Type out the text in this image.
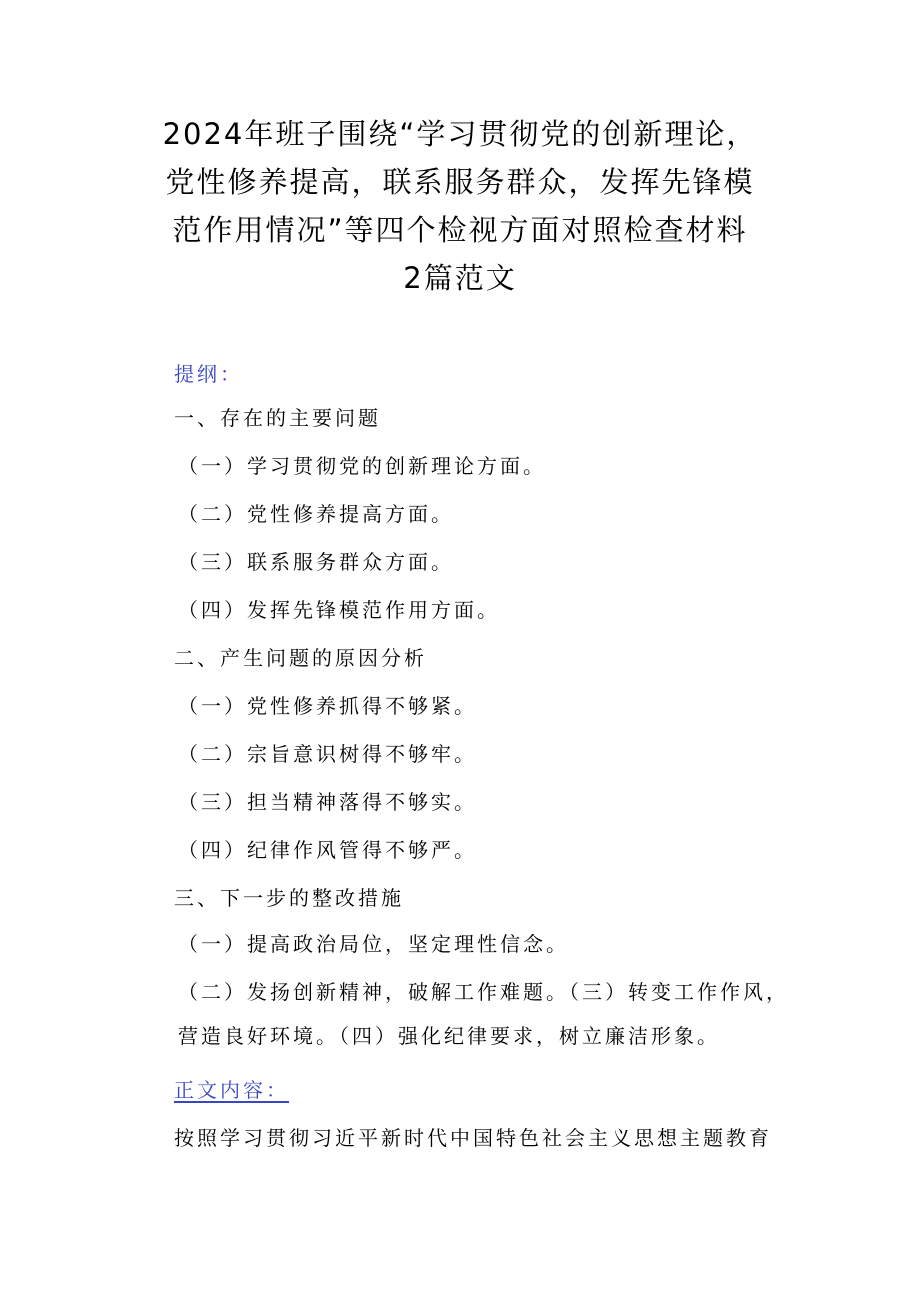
2024年班子围绕“学习贯彻党的创新理论，
党性修养提高，联系服务群众，发挥先锋模
范作用情况”等四个检视方面对照检查材料
2篇范文

提纲：

一、存在的主要问题

（一）学习贯彻党的创新理论方面。

（二）党性修养提高方面。

（三）联系服务群众方面。

（四）发挥先锋模范作用方面。

二、产生问题的原因分析

（一）党性修养抓得不够紧。

（二）宗旨意识树得不够牢。

（三）担当精神落得不够实。

（四）纪律作风管得不够严。

三、下一步的整改措施

（一）提高政治局位，坚定理性信念。

（二）发扬创新精神，破解工作难题。（三）转变工作作风，营造良好环境。（四）强化纪律要求，树立廉洁形象。

正文内容：

按照学习贯彻习近平新时代中国特色社会主义思想主题教育
